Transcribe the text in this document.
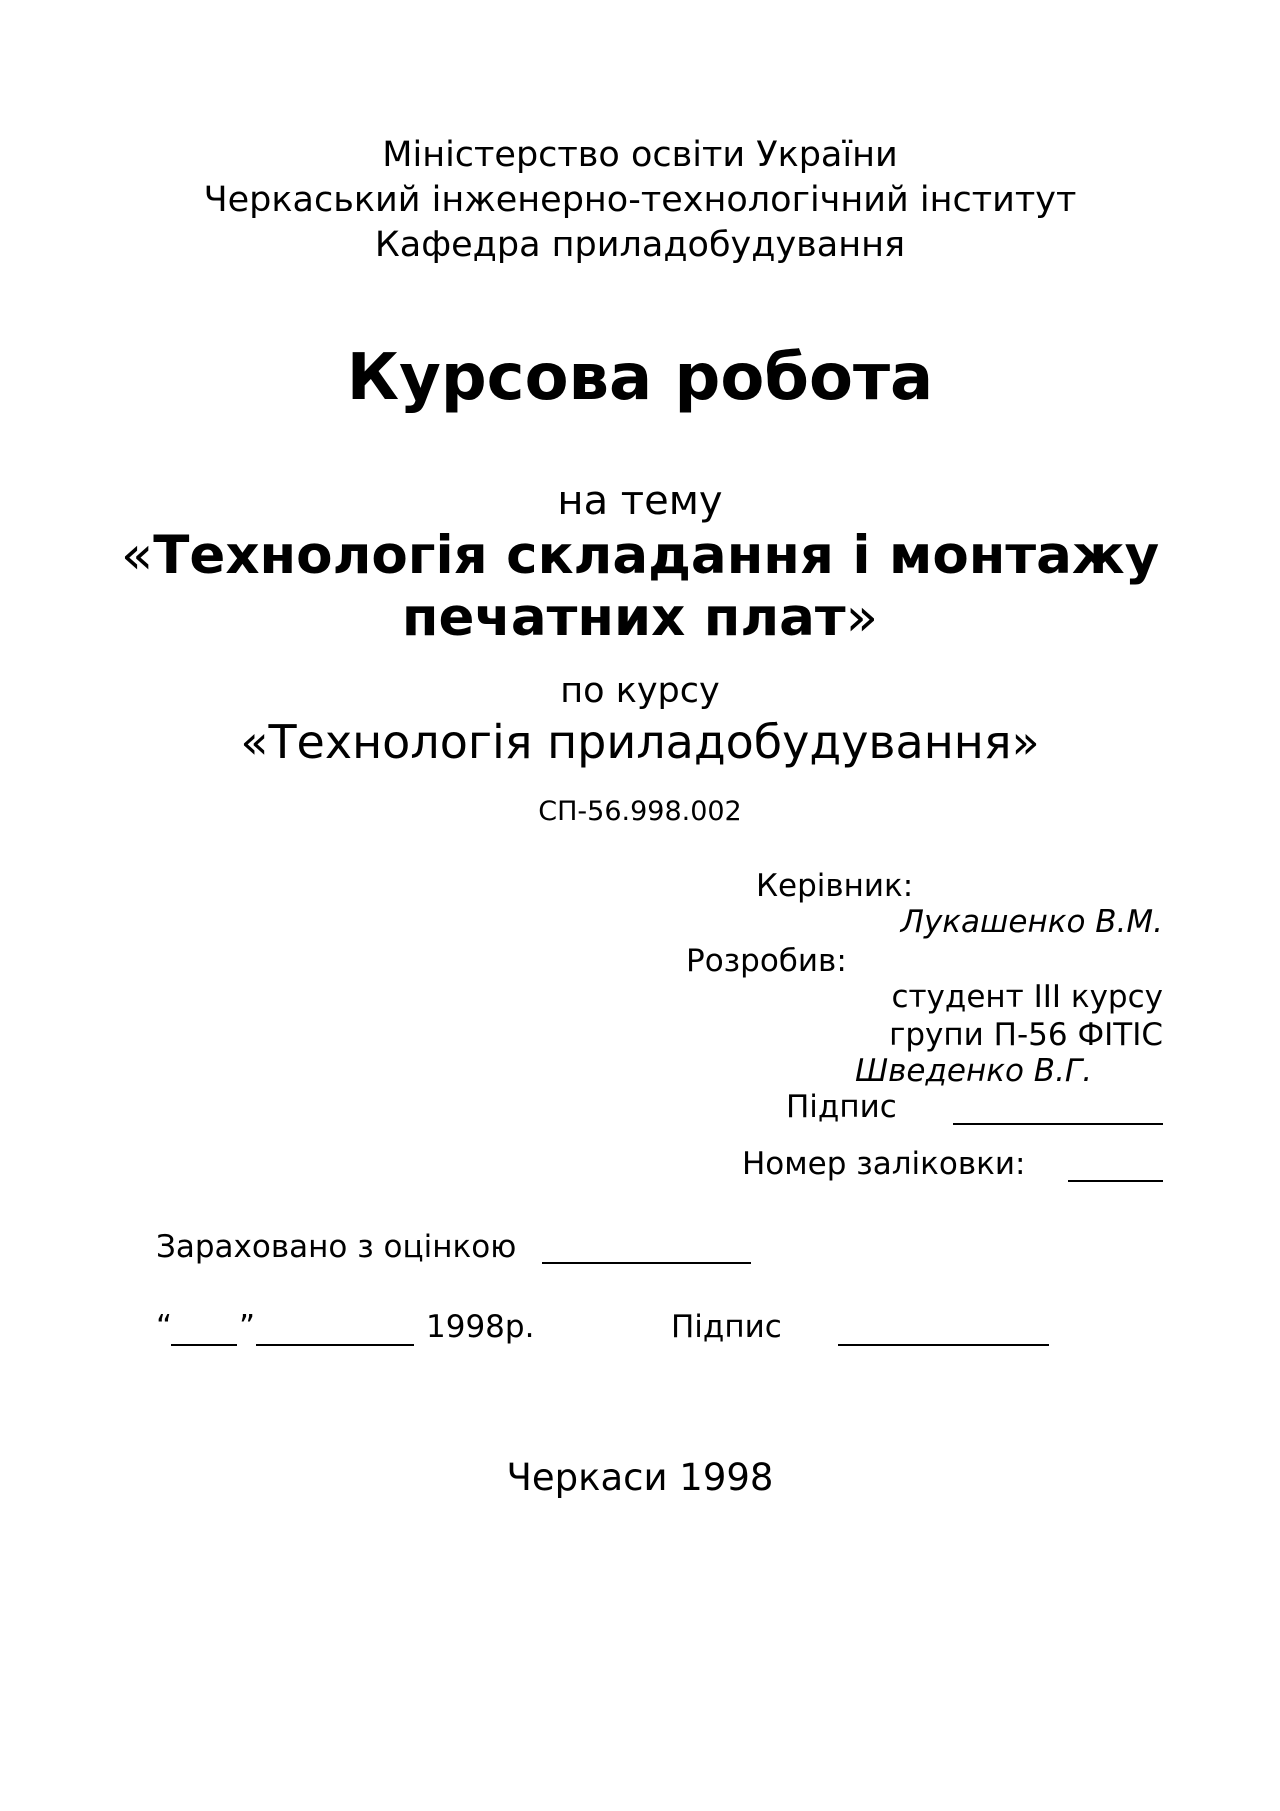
Міністерство освіти України
Черкаський інженерно-технологічний інститут
Кафедра приладобудування
Курсова робота
на тему
«Технологія складання і монтажу
печатних плат»
по курсу
«Технологія приладобудування»
СП-56.998.002
Керівник:
Лукашенко В.М.
Розробив:
студент ІІІ курсу
групи П-56 ФІТІС
Шведенко В.Г.
Підпис
Номер заліковки:
Зараховано з оцінкою
“ ”	1998р.	Підпис
Черкаси 1998
